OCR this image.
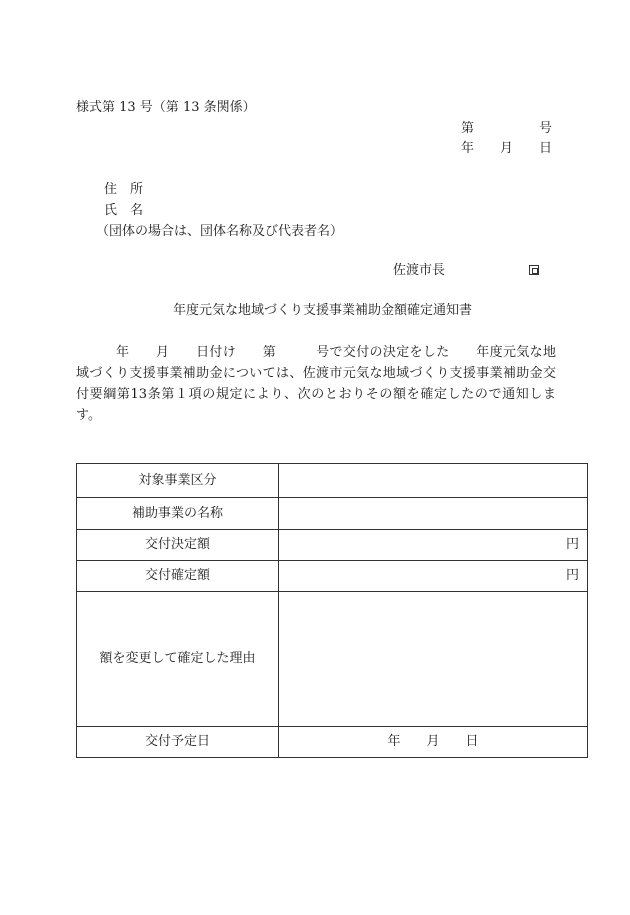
様式第 13 号（第 13 条関係）
第　　　　　号
年　　月　　日
住　所
氏　名
（団体の場合は、団体名称及び代表者名）
佐渡市長
年度元気な地域づくり支援事業補助金額確定通知書
　　　年　　月　　日付け　　第　　　号で交付の決定をした　　年度元気な地域づくり支援事業補助金については、佐渡市元気な地域づくり支援事業補助金交付要綱第13条第１項の規定により、次のとおりその額を確定したので通知します。
対象事業区分	
補助事業の名称	
交付決定額	円
交付確定額	円
額を変更して確定した理由	
交付予定日	年　　月　　日
